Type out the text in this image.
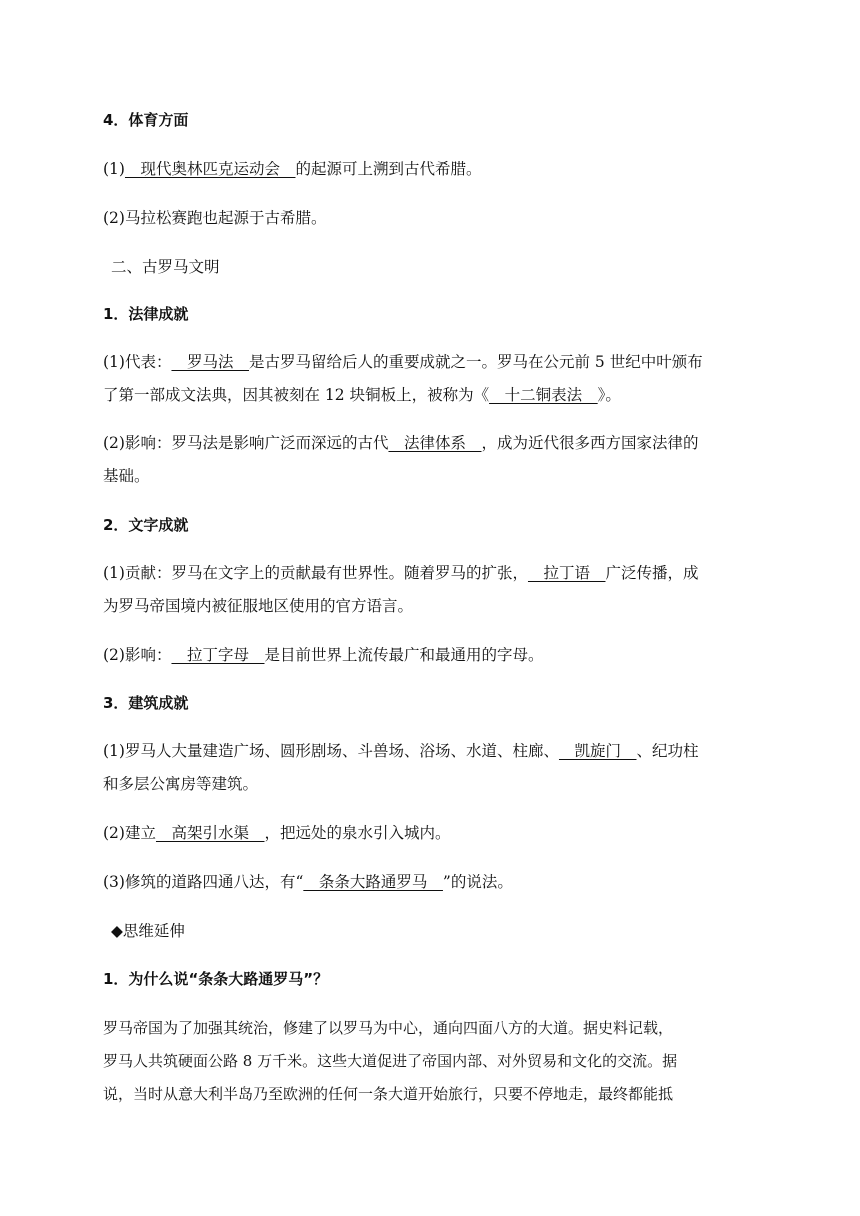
4．体育方面
(1)__现代奥林匹克运动会__的起源可上溯到古代希腊。
(2)马拉松赛跑也起源于古希腊。
二、古罗马文明
1．法律成就
(1)代表：__罗马法__是古罗马留给后人的重要成就之一。罗马在公元前 5 世纪中叶颁布
了第一部成文法典，因其被刻在 12 块铜板上，被称为《__十二铜表法__》。
(2)影响：罗马法是影响广泛而深远的古代__法律体系__，成为近代很多西方国家法律的
基础。
2．文字成就
(1)贡献：罗马在文字上的贡献最有世界性。随着罗马的扩张，__拉丁语__广泛传播，成
为罗马帝国境内被征服地区使用的官方语言。
(2)影响：__拉丁字母__是目前世界上流传最广和最通用的字母。
3．建筑成就
(1)罗马人大量建造广场、圆形剧场、斗兽场、浴场、水道、柱廊、__凯旋门__、纪功柱
和多层公寓房等建筑。
(2)建立__高架引水渠__，把远处的泉水引入城内。
(3)修筑的道路四通八达，有“__条条大路通罗马__”的说法。
◆思维延伸
1．为什么说“条条大路通罗马”？
罗马帝国为了加强其统治，修建了以罗马为中心，通向四面八方的大道。据史料记载，
罗马人共筑硬面公路 8 万千米。这些大道促进了帝国内部、对外贸易和文化的交流。据
说，当时从意大利半岛乃至欧洲的任何一条大道开始旅行，只要不停地走，最终都能抵
